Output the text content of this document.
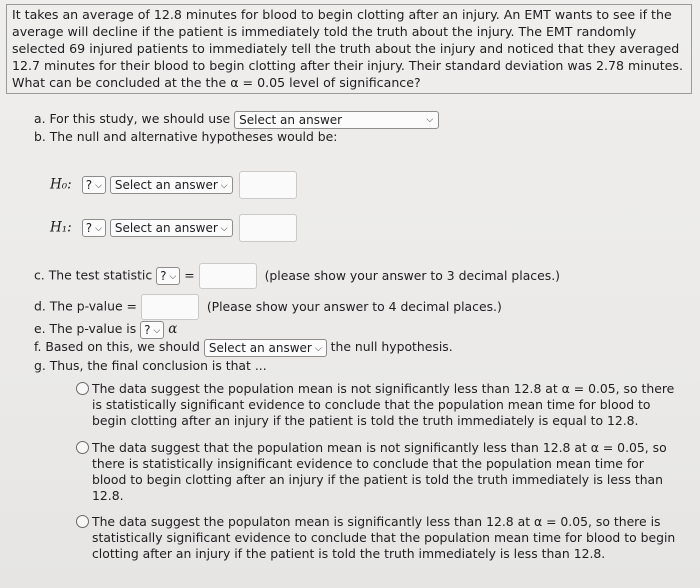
It takes an average of 12.8 minutes for blood to begin clotting after an injury. An EMT wants to see if the average will decline if the patient is immediately told the truth about the injury. The EMT randomly selected 69 injured patients to immediately tell the truth about the injury and noticed that they averaged 12.7 minutes for their blood to begin clotting after their injury. Their standard deviation was 2.78 minutes. What can be concluded at the the α = 0.05 level of significance?
a. For this study, we should use Select an answer	⌵
b. The null and alternative hypotheses would be:
H₀: ? ⌵ Select an answer ⌵
H₁: ? ⌵ Select an answer ⌵
c. The test statistic ? ⌵ =	(please show your answer to 3 decimal places.)
d. The p-value =	(Please show your answer to 4 decimal places.)
e. The p-value is ? ⌵ α
f. Based on this, we should Select an answer ⌵ the null hypothesis.
g. Thus, the final conclusion is that ...
The data suggest the population mean is not significantly less than 12.8 at α = 0.05, so there is statistically significant evidence to conclude that the population mean time for blood to begin clotting after an injury if the patient is told the truth immediately is equal to 12.8.
The data suggest that the population mean is not significantly less than 12.8 at α = 0.05, so there is statistically insignificant evidence to conclude that the population mean time for blood to begin clotting after an injury if the patient is told the truth immediately is less than 12.8.
The data suggest the populaton mean is significantly less than 12.8 at α = 0.05, so there is statistically significant evidence to conclude that the population mean time for blood to begin clotting after an injury if the patient is told the truth immediately is less than 12.8.
